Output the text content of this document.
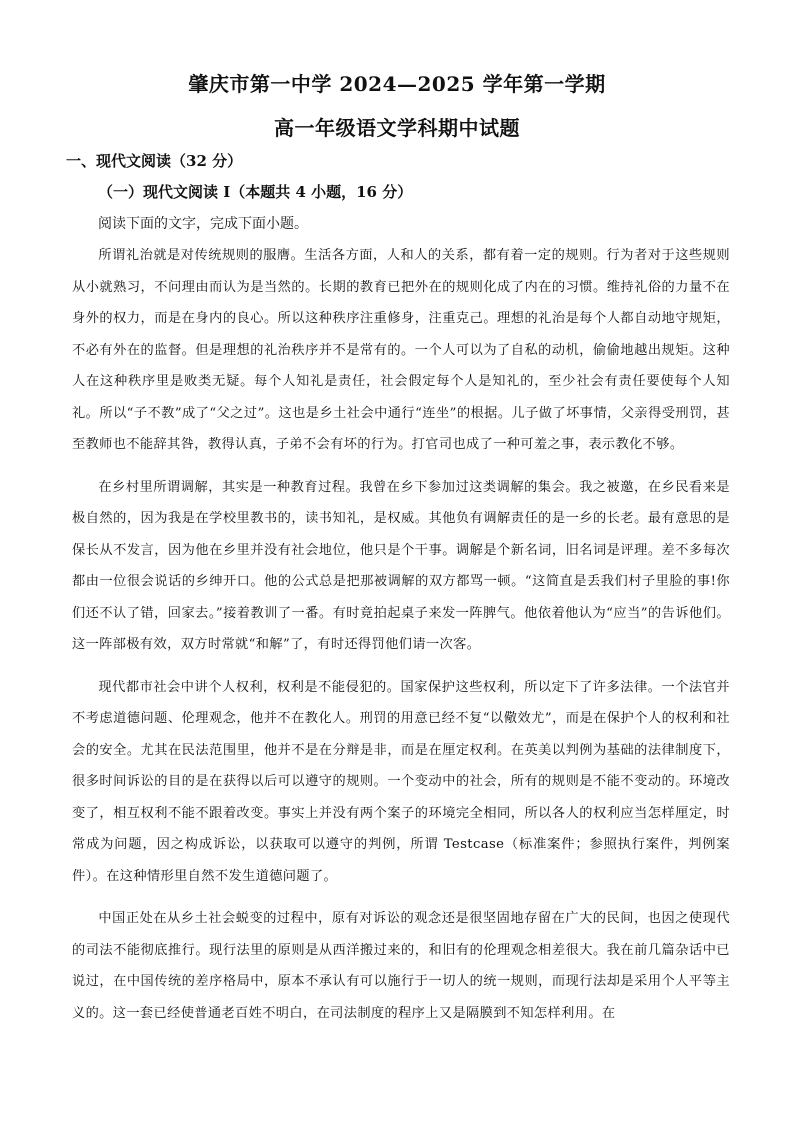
肇庆市第一中学 2024—2025 学年第一学期
高一年级语文学科期中试题
一、现代文阅读（32 分）
（一）现代文阅读 I（本题共 4 小题，16 分）
阅读下面的文字，完成下面小题。

所谓礼治就是对传统规则的服膺。生活各方面，人和人的关系，都有着一定的规则。行为者对于这些规则从小就熟习，不问理由而认为是当然的。长期的教育已把外在的规则化成了内在的习惯。维持礼俗的力量不在身外的权力，而是在身内的良心。所以这种秩序注重修身，注重克己。理想的礼治是每个人都自动地守规矩，不必有外在的监督。但是理想的礼治秩序并不是常有的。一个人可以为了自私的动机，偷偷地越出规矩。这种人在这种秩序里是败类无疑。每个人知礼是责任，社会假定每个人是知礼的，至少社会有责任要使每个人知礼。所以“子不教”成了“父之过”。这也是乡土社会中通行“连坐”的根据。儿子做了坏事情，父亲得受刑罚，甚至教师也不能辞其咎，教得认真，子弟不会有坏的行为。打官司也成了一种可羞之事，表示教化不够。

在乡村里所谓调解，其实是一种教育过程。我曾在乡下参加过这类调解的集会。我之被邀，在乡民看来是极自然的，因为我是在学校里教书的，读书知礼，是权威。其他负有调解责任的是一乡的长老。最有意思的是保长从不发言，因为他在乡里并没有社会地位，他只是个干事。调解是个新名词，旧名词是评理。差不多每次都由一位很会说话的乡绅开口。他的公式总是把那被调解的双方都骂一顿。“这简直是丢我们村子里脸的事!你们还不认了错，回家去。”接着教训了一番。有时竟拍起桌子来发一阵脾气。他依着他认为“应当”的告诉他们。这一阵部极有效，双方时常就“和解”了，有时还得罚他们请一次客。

现代都市社会中讲个人权利，权利是不能侵犯的。国家保护这些权利，所以定下了许多法律。一个法官并不考虑道德问题、伦理观念，他并不在教化人。刑罚的用意已经不复“以儆效尤”，而是在保护个人的权利和社会的安全。尤其在民法范围里，他并不是在分辩是非，而是在厘定权利。在英美以判例为基础的法律制度下，很多时间诉讼的目的是在获得以后可以遵守的规则。一个变动中的社会，所有的规则是不能不变动的。环境改变了，相互权利不能不跟着改变。事实上并没有两个案子的环境完全相同，所以各人的权利应当怎样厘定，时常成为问题，因之构成诉讼，以获取可以遵守的判例，所谓 Testcase（标准案件；参照执行案件，判例案件）。在这种情形里自然不发生道德问题了。

中国正处在从乡土社会蜕变的过程中，原有对诉讼的观念还是很坚固地存留在广大的民间，也因之使现代的司法不能彻底推行。现行法里的原则是从西洋搬过来的，和旧有的伦理观念相差很大。我在前几篇杂话中已说过，在中国传统的差序格局中，原本不承认有可以施行于一切人的统一规则，而现行法却是采用个人平等主义的。这一套已经使普通老百姓不明白，在司法制度的程序上又是隔膜到不知怎样利用。在
